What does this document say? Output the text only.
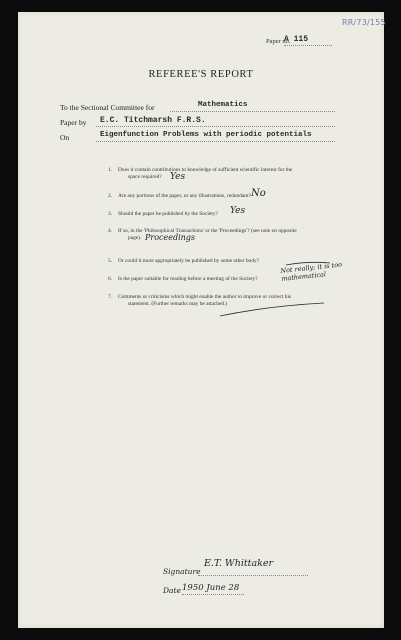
RR/73/155
Paper no.
A 115
REFEREE'S REPORT
To the Sectional Committee for	Mathematics
Paper by E.C. Titchmarsh F.R.S.
On	Eigenfunction Problems with periodic potentials
1. Does it contain contributions to knowledge of sufficient scientific interest for the
space required? Yes
2. Are any portions of the paper, or any illustrations, redundant? No
3. Should the paper be published by the Society? Yes
4. If so, in the 'Philosophical Transactions' or the 'Proceedings'? (see note on opposite
page). Proceedings
5. Or could it more appropriately be published by some other body?
6. Is the paper suitable for reading before a meeting of the Society?
Not really; it is too mathematical
7. Comments or criticisms which might enable the author to improve or correct his
statement. (Further remarks may be attached.)
Signature
E.T. Whittaker
Date 1950 June 28
